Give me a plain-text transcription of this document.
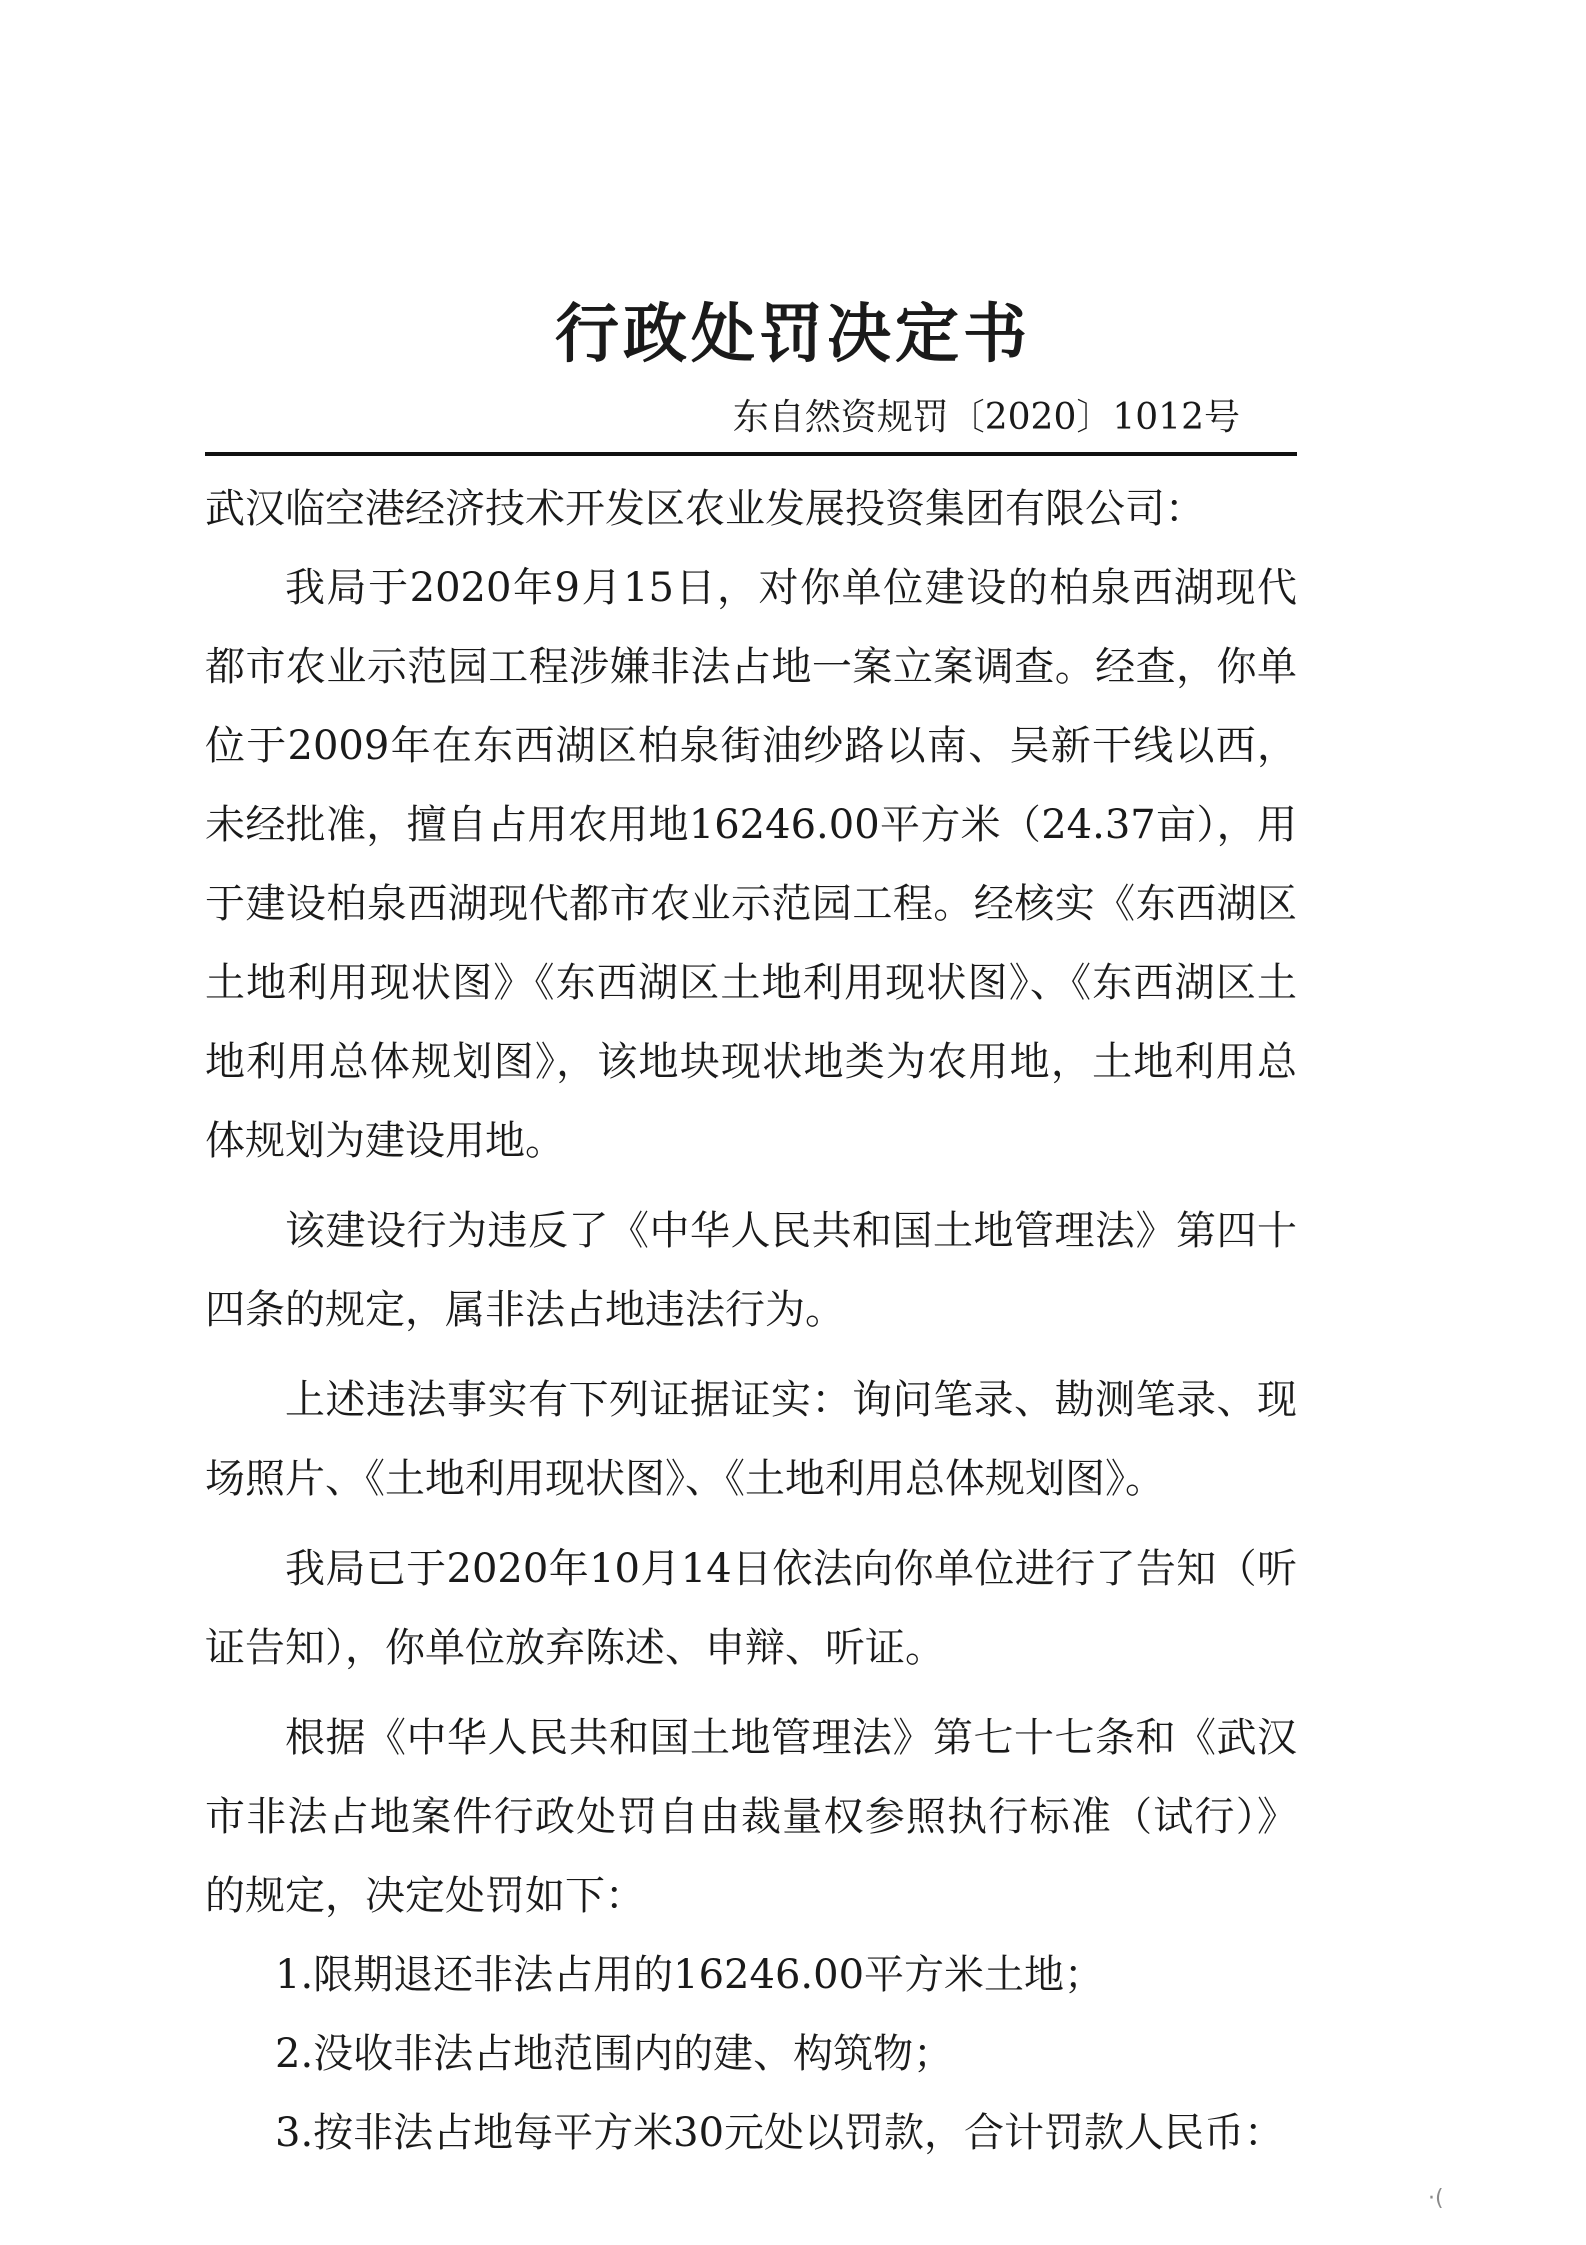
行政处罚决定书
东自然资规罚〔2020〕1012号

武汉临空港经济技术开发区农业发展投资集团有限公司：

我局于2020年9月15日，对你单位建设的柏泉西湖现代都市农业示范园工程涉嫌非法占地一案立案调查。经查，你单位于2009年在东西湖区柏泉街油纱路以南、吴新干线以西，未经批准，擅自占用农用地16246.00平方米（24.37亩），用于建设柏泉西湖现代都市农业示范园工程。经核实《东西湖区土地利用现状图》《东西湖区土地利用现状图》、《东西湖区土地利用总体规划图》，该地块现状地类为农用地，土地利用总体规划为建设用地。

该建设行为违反了《中华人民共和国土地管理法》第四十四条的规定，属非法占地违法行为。

上述违法事实有下列证据证实：询问笔录、勘测笔录、现场照片、《土地利用现状图》、《土地利用总体规划图》。

我局已于2020年10月14日依法向你单位进行了告知（听证告知），你单位放弃陈述、申辩、听证。

根据《中华人民共和国土地管理法》第七十七条和《武汉市非法占地案件行政处罚自由裁量权参照执行标准（试行）》的规定，决定处罚如下：

1.限期退还非法占用的16246.00平方米土地；

2.没收非法占地范围内的建、构筑物；

3.按非法占地每平方米30元处以罚款，合计罚款人民币：

·(
